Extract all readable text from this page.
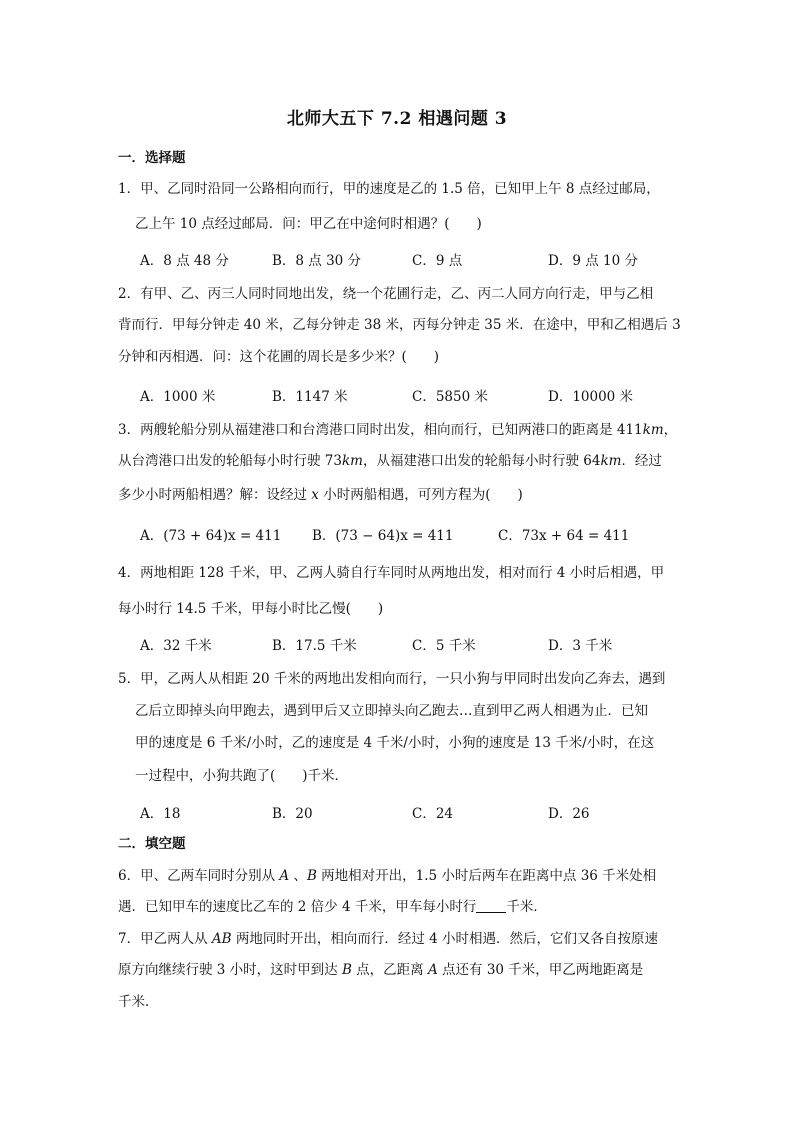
北师大五下 7.2 相遇问题 3
一．选择题
1．甲、乙同时沿同一公路相向而行，甲的速度是乙的 1.5 倍，已知甲上午 8 点经过邮局，
乙上午 10 点经过邮局．问：甲乙在中途何时相遇？(　　)
A．8 点 48 分	B．8 点 30 分	C．9 点	D．9 点 10 分
2．有甲、乙、丙三人同时同地出发，绕一个花圃行走，乙、丙二人同方向行走，甲与乙相
背而行．甲每分钟走 40 米，乙每分钟走 38 米，丙每分钟走 35 米．在途中，甲和乙相遇后 3
分钟和丙相遇．问：这个花圃的周长是多少米？(　　)
A．1000 米	B．1147 米	C．5850 米	D．10000 米
3．两艘轮船分别从福建港口和台湾港口同时出发，相向而行，已知两港口的距离是 411km，
从台湾港口出发的轮船每小时行驶 73km，从福建港口出发的轮船每小时行驶 64km．经过
多少小时两船相遇？解：设经过 x 小时两船相遇，可列方程为(　　)
A．(73 + 64)x = 411 B．(73 − 64)x = 411	C．73x + 64 = 411
4．两地相距 128 千米，甲、乙两人骑自行车同时从两地出发，相对而行 4 小时后相遇，甲
每小时行 14.5 千米，甲每小时比乙慢(　　)
A．32 千米	B．17.5 千米	C．5 千米	D．3 千米
5．甲，乙两人从相距 20 千米的两地出发相向而行，一只小狗与甲同时出发向乙奔去，遇到
乙后立即掉头向甲跑去，遇到甲后又立即掉头向乙跑去…直到甲乙两人相遇为止．已知
甲的速度是 6 千米/小时，乙的速度是 4 千米/小时，小狗的速度是 13 千米/小时，在这
一过程中，小狗共跑了(　　)千米．
A．18	B．20	C．24	D．26
二．填空题
6．甲、乙两车同时分别从 A 、B 两地相对开出，1.5 小时后两车在距离中点 36 千米处相
遇．已知甲车的速度比乙车的 2 倍少 4 千米，甲车每小时行 千米．
7．甲乙两人从 AB 两地同时开出，相向而行．经过 4 小时相遇．然后，它们又各自按原速
原方向继续行驶 3 小时，这时甲到达 B 点，乙距离 A 点还有 30 千米，甲乙两地距离是
千米．
